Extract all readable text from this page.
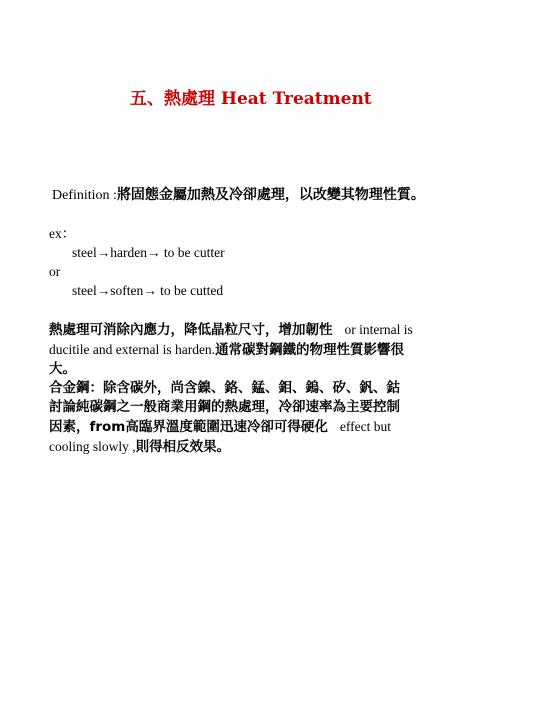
五、熱處理 Heat Treatment
Definition :將固態金屬加熱及冷卻處理，以改變其物理性質。
ex：
steel→harden→ to be cutter
or
steel→soften→ to be cutted
熱處理可消除內應力，降低晶粒尺寸，增加韌性 or internal is
ducitile and external is harden.通常碳對鋼鐵的物理性質影響很
大。
合金鋼：除含碳外，尚含鎳、鉻、錳、鉬、鎢、矽、釩、鈷
討論純碳鋼之一般商業用鋼的熱處理，冷卻速率為主要控制
因素，from高臨界溫度範圍迅速冷卻可得硬化 effect but
cooling slowly ,則得相反效果。
